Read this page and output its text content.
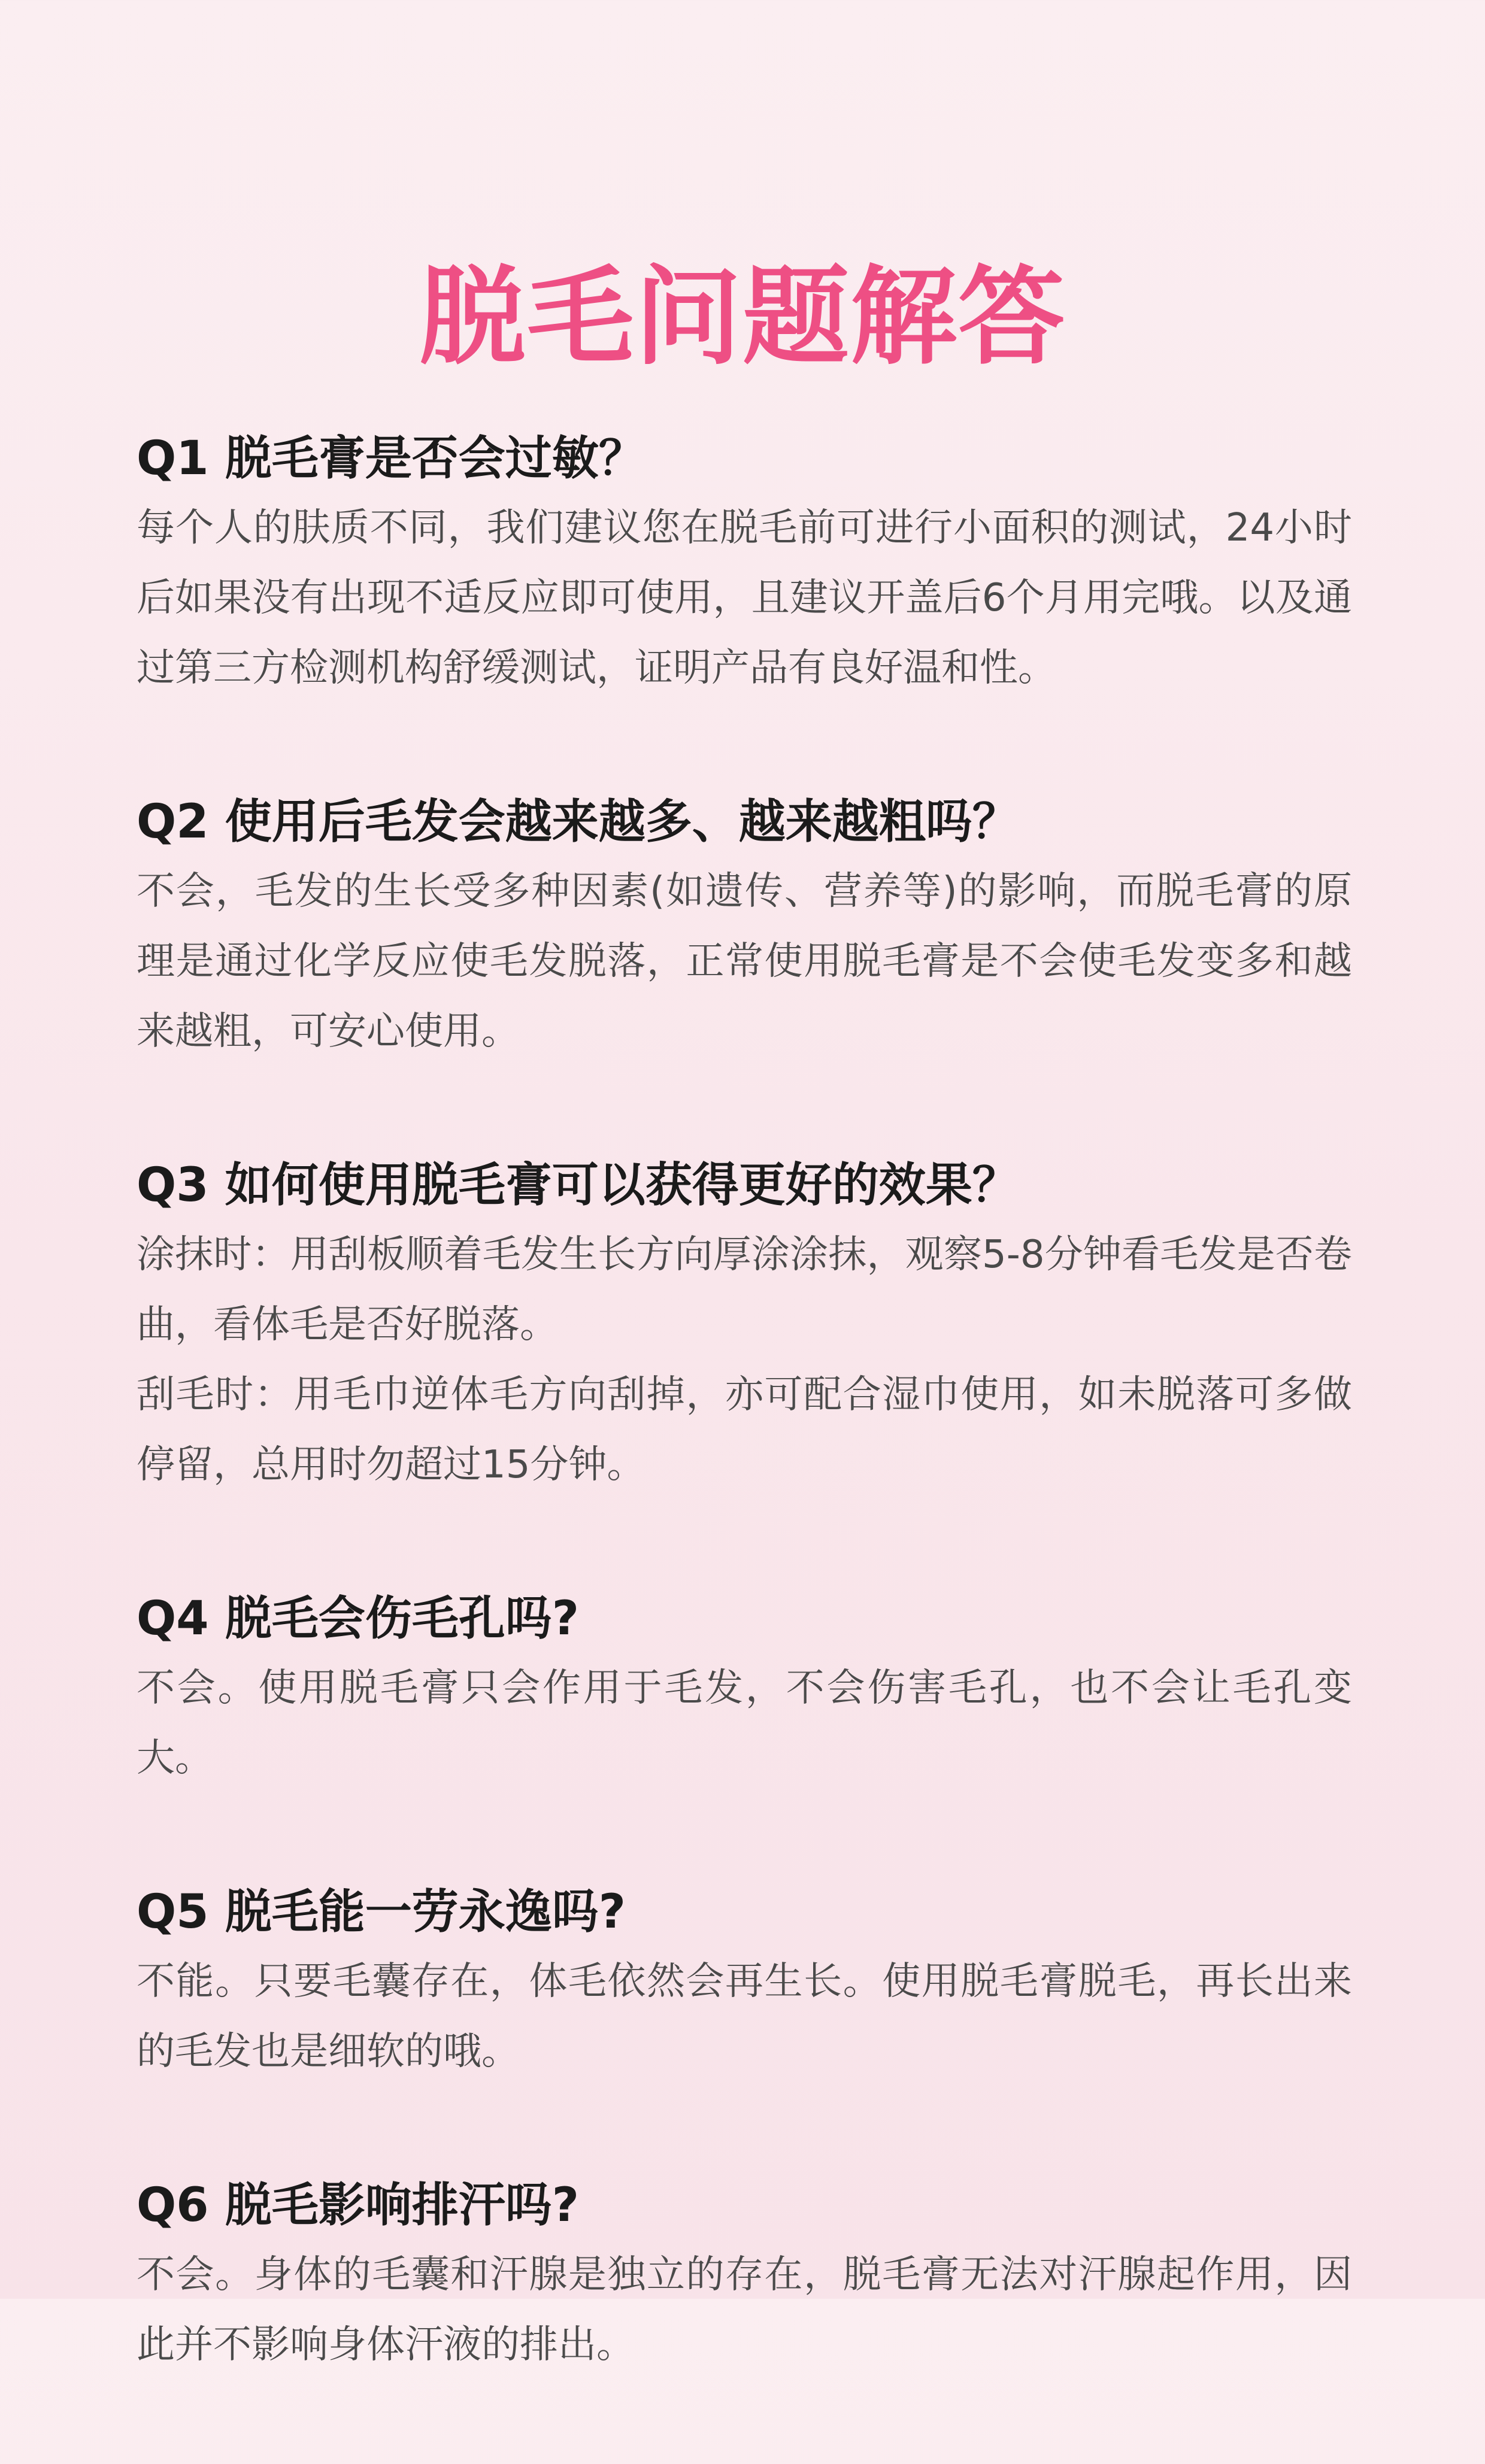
脱毛问题解答
Q1 脱毛膏是否会过敏？

每个人的肤质不同，我们建议您在脱毛前可进行小面积的测试，24小时后如果没有出现不适反应即可使用，且建议开盖后6个月用完哦。以及通过第三方检测机构舒缓测试，证明产品有良好温和性。

Q2 使用后毛发会越来越多、越来越粗吗？

不会，毛发的生长受多种因素(如遗传、营养等)的影响，而脱毛膏的原理是通过化学反应使毛发脱落，正常使用脱毛膏是不会使毛发变多和越来越粗，可安心使用。

Q3 如何使用脱毛膏可以获得更好的效果？

涂抹时：用刮板顺着毛发生长方向厚涂涂抹，观察5-8分钟看毛发是否卷曲，看体毛是否好脱落。
刮毛时：用毛巾逆体毛方向刮掉，亦可配合湿巾使用，如未脱落可多做停留，总用时勿超过15分钟。

Q4 脱毛会伤毛孔吗?

不会。使用脱毛膏只会作用于毛发，不会伤害毛孔，也不会让毛孔变大。

Q5 脱毛能一劳永逸吗?

不能。只要毛囊存在，体毛依然会再生长。使用脱毛膏脱毛，再长出来的毛发也是细软的哦。

Q6 脱毛影响排汗吗?

不会。身体的毛囊和汗腺是独立的存在，脱毛膏无法对汗腺起作用，因此并不影响身体汗液的排出。
